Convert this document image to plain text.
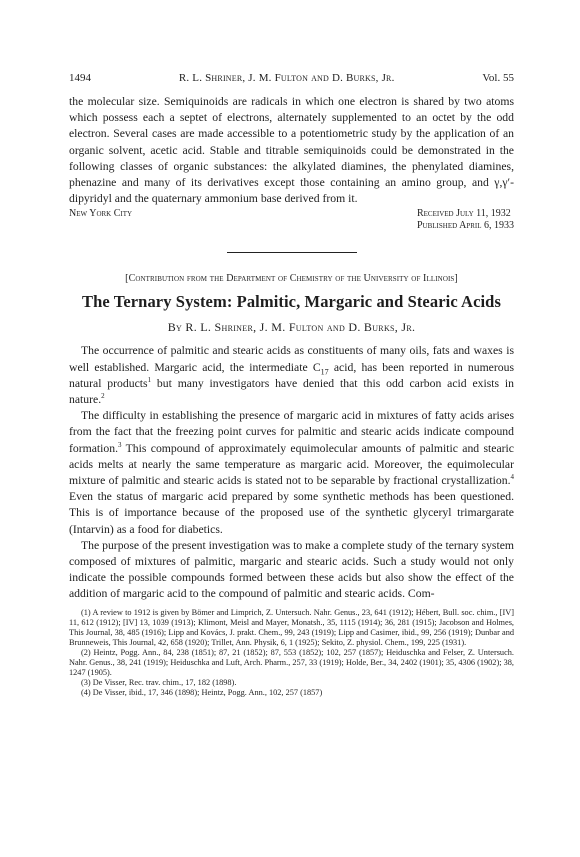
1494	R. L. Shriner, J. M. Fulton and D. Burks, Jr.	Vol. 55

the molecular size. Semiquinoids are radicals in which one electron is shared by two atoms which possess each a septet of electrons, alternately supplemented to an octet by the odd electron. Several cases are made accessible to a potentiometric study by the application of an organic solvent, acetic acid. Stable and titrable semiquinoids could be demonstrated in the following classes of organic substances: the alkylated diamines, the phenylated diamines, phenazine and many of its derivatives except those containing an amino group, and γ,γ′-dipyridyl and the quaternary ammonium base derived from it.

New York City	Received July 11, 1932
Published April 6, 1933
[Contribution from the Department of Chemistry of the University of Illinois]
The Ternary System: Palmitic, Margaric and Stearic Acids
By R. L. Shriner, J. M. Fulton and D. Burks, Jr.

The occurrence of palmitic and stearic acids as constituents of many oils, fats and waxes is well established. Margaric acid, the intermediate $C_{17}$ acid, has been reported in numerous natural products$^1$ but many investigators have denied that this odd carbon acid exists in nature.$^2$

The difficulty in establishing the presence of margaric acid in mixtures of fatty acids arises from the fact that the freezing point curves for palmitic and stearic acids indicate compound formation.$^3$ This compound of approximately equimolecular amounts of palmitic and stearic acids melts at nearly the same temperature as margaric acid. Moreover, the equimolecular mixture of palmitic and stearic acids is stated not to be separable by fractional crystallization.$^4$ Even the status of margaric acid prepared by some synthetic methods has been questioned. This is of importance because of the proposed use of the synthetic glyceryl trimargarate (Intarvin) as a food for diabetics.

The purpose of the present investigation was to make a complete study of the ternary system composed of mixtures of palmitic, margaric and stearic acids. Such a study would not only indicate the possible compounds formed between these acids but also show the effect of the addition of margaric acid to the compound of palmitic and stearic acids. Com-

(1) A review to 1912 is given by Bömer and Limprich, Z. Untersuch. Nahr. Genus., 23, 641 (1912); Hébert, Bull. soc. chim., [IV] 11, 612 (1912); [IV] 13, 1039 (1913); Klimont, Meisl and Mayer, Monatsh., 35, 1115 (1914); 36, 281 (1915); Jacobson and Holmes, This Journal, 38, 485 (1916); Lipp and Kovács, J. prakt. Chem., 99, 243 (1919); Lipp and Casimer, ibid., 99, 256 (1919); Dunbar and Brunneweis, This Journal, 42, 658 (1920); Trillet, Ann. Physik, 6, 1 (1925); Sekito, Z. physiol. Chem., 199, 225 (1931).

(2) Heintz, Pogg. Ann., 84, 238 (1851); 87, 21 (1852); 87, 553 (1852); 102, 257 (1857); Heiduschka and Felser, Z. Untersuch. Nahr. Genus., 38, 241 (1919); Heiduschka and Luft, Arch. Pharm., 257, 33 (1919); Holde, Ber., 34, 2402 (1901); 35, 4306 (1902); 38, 1247 (1905).

(3) De Visser, Rec. trav. chim., 17, 182 (1898).

(4) De Visser, ibid., 17, 346 (1898); Heintz, Pogg. Ann., 102, 257 (1857)
